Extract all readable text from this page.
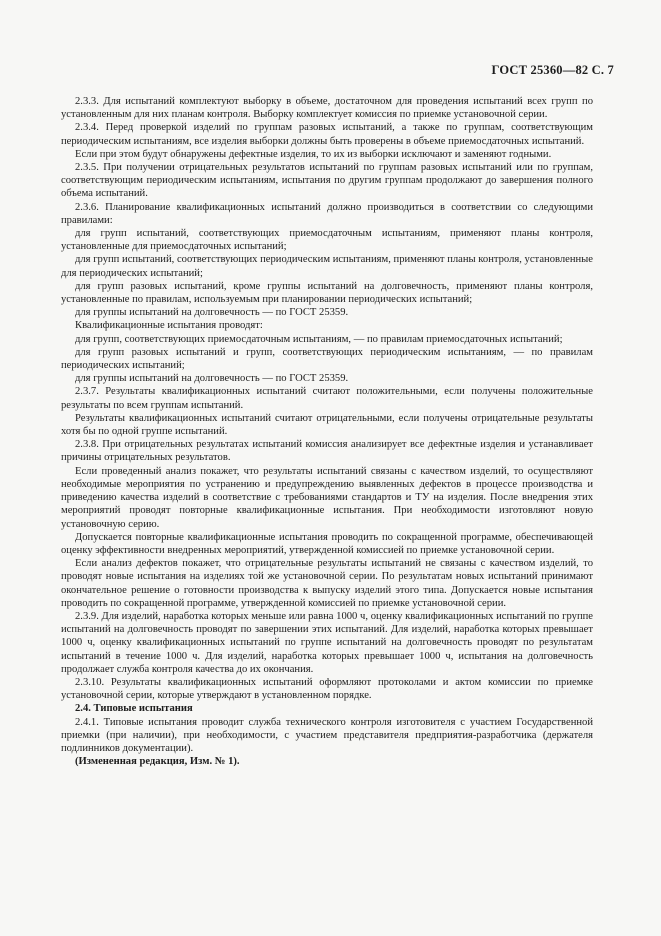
ГОСТ 25360—82 С. 7

2.3.3. Для испытаний комплектуют выборку в объеме, достаточном для проведения испытаний всех групп по установленным для них планам контроля. Выборку комплектует комиссия по приемке установочной серии.

2.3.4. Перед проверкой изделий по группам разовых испытаний, а также по группам, соответствующим периодическим испытаниям, все изделия выборки должны быть проверены в объеме приемосдаточных испытаний.

Если при этом будут обнаружены дефектные изделия, то их из выборки исключают и заменяют годными.

2.3.5. При получении отрицательных результатов испытаний по группам разовых испытаний или по группам, соответствующим периодическим испытаниям, испытания по другим группам продолжают до завершения полного объема испытаний.

2.3.6. Планирование квалификационных испытаний должно производиться в соответствии со следующими правилами:

для групп испытаний, соответствующих приемосдаточным испытаниям, применяют планы контроля, установленные для приемосдаточных испытаний;

для групп испытаний, соответствующих периодическим испытаниям, применяют планы контроля, установленные для периодических испытаний;

для групп разовых испытаний, кроме группы испытаний на долговечность, применяют планы контроля, установленные по правилам, используемым при планировании периодических испытаний;

для группы испытаний на долговечность — по ГОСТ 25359.

Квалификационные испытания проводят:

для групп, соответствующих приемосдаточным испытаниям, — по правилам приемосдаточных испытаний;

для групп разовых испытаний и групп, соответствующих периодическим испытаниям, — по правилам периодических испытаний;

для группы испытаний на долговечность — по ГОСТ 25359.

2.3.7. Результаты квалификационных испытаний считают положительными, если получены положительные результаты по всем группам испытаний.

Результаты квалификационных испытаний считают отрицательными, если получены отрицательные результаты хотя бы по одной группе испытаний.

2.3.8. При отрицательных результатах испытаний комиссия анализирует все дефектные изделия и устанавливает причины отрицательных результатов.

Если проведенный анализ покажет, что результаты испытаний связаны с качеством изделий, то осуществляют необходимые мероприятия по устранению и предупреждению выявленных дефектов в процессе производства и приведению качества изделий в соответствие с требованиями стандартов и ТУ на изделия. После внедрения этих мероприятий проводят повторные квалификационные испытания. При необходимости изготовляют новую установочную серию.

Допускается повторные квалификационные испытания проводить по сокращенной программе, обеспечивающей оценку эффективности внедренных мероприятий, утвержденной комиссией по приемке установочной серии.

Если анализ дефектов покажет, что отрицательные результаты испытаний не связаны с качеством изделий, то проводят новые испытания на изделиях той же установочной серии. По результатам новых испытаний принимают окончательное решение о готовности производства к выпуску изделий этого типа. Допускается новые испытания проводить по сокращенной программе, утвержденной комиссией по приемке установочной серии.

2.3.9. Для изделий, наработка которых меньше или равна 1000 ч, оценку квалификационных испытаний по группе испытаний на долговечность проводят по завершении этих испытаний. Для изделий, наработка которых превышает 1000 ч, оценку квалификационных испытаний по группе испытаний на долговечность проводят по результатам испытаний в течение 1000 ч. Для изделий, наработка которых превышает 1000 ч, испытания на долговечность продолжает служба контроля качества до их окончания.

2.3.10. Результаты квалификационных испытаний оформляют протоколами и актом комиссии по приемке установочной серии, которые утверждают в установленном порядке.

2.4. Типовые испытания

2.4.1. Типовые испытания проводит служба технического контроля изготовителя с участием Государственной приемки (при наличии), при необходимости, с участием представителя предприятия-разработчика (держателя подлинников документации).

(Измененная редакция, Изм. № 1).
